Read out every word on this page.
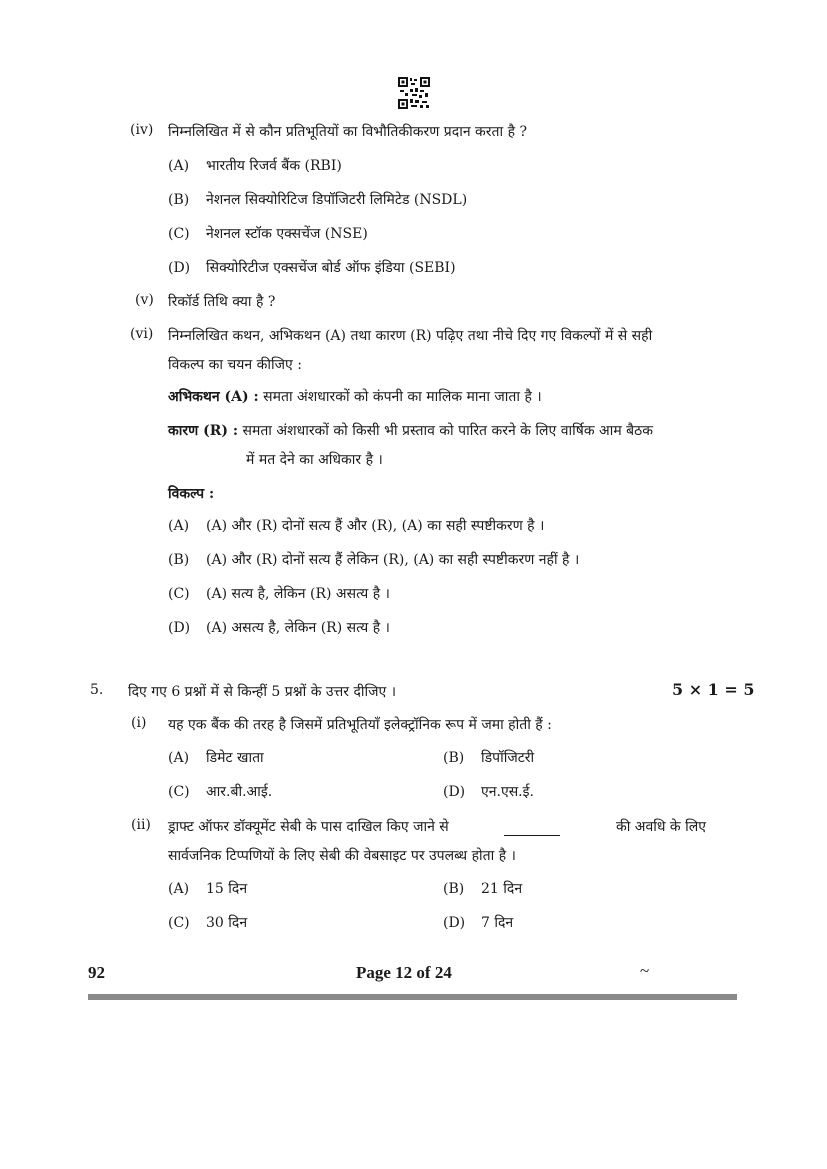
(iv) निम्नलिखित में से कौन प्रतिभूतियों का विभौतिकीकरण प्रदान करता है ?
(A) भारतीय रिजर्व बैंक (RBI)
(B) नेशनल सिक्योरिटिज डिपॉजिटरी लिमिटेड (NSDL)
(C) नेशनल स्टॉक एक्सचेंज (NSE)
(D) सिक्योरिटीज एक्सचेंज बोर्ड ऑफ इंडिया (SEBI)
(v) रिकॉर्ड तिथि क्या है ?
(vi) निम्नलिखित कथन, अभिकथन (A) तथा कारण (R) पढ़िए तथा नीचे दिए गए विकल्पों में से सही
विकल्प का चयन कीजिए :
अभिकथन (A) : समता अंशधारकों को कंपनी का मालिक माना जाता है ।
कारण (R) : समता अंशधारकों को किसी भी प्रस्ताव को पारित करने के लिए वार्षिक आम बैठक
में मत देने का अधिकार है ।
विकल्प :
(A) (A) और (R) दोनों सत्य हैं और (R), (A) का सही स्पष्टीकरण है ।
(B) (A) और (R) दोनों सत्य हैं लेकिन (R), (A) का सही स्पष्टीकरण नहीं है ।
(C) (A) सत्य है, लेकिन (R) असत्य है ।
(D) (A) असत्य है, लेकिन (R) सत्य है ।
5. दिए गए 6 प्रश्नों में से किन्हीं 5 प्रश्नों के उत्तर दीजिए ।	5 × 1 = 5
(i) यह एक बैंक की तरह है जिसमें प्रतिभूतियाँ इलेक्ट्रॉनिक रूप में जमा होती हैं :
(A) डिमेट खाता	(B) डिपॉजिटरी
(C) आर.बी.आई.	(D) एन.एस.ई.
(ii) ड्राफ्ट ऑफर डॉक्यूमेंट सेबी के पास दाखिल किए जाने से	की अवधि के लिए
सार्वजनिक टिप्पणियों के लिए सेबी की वेबसाइट पर उपलब्ध होता है ।
(A) 15 दिन	(B) 21 दिन
(C) 30 दिन	(D) 7 दिन
92	Page 12 of 24	~
